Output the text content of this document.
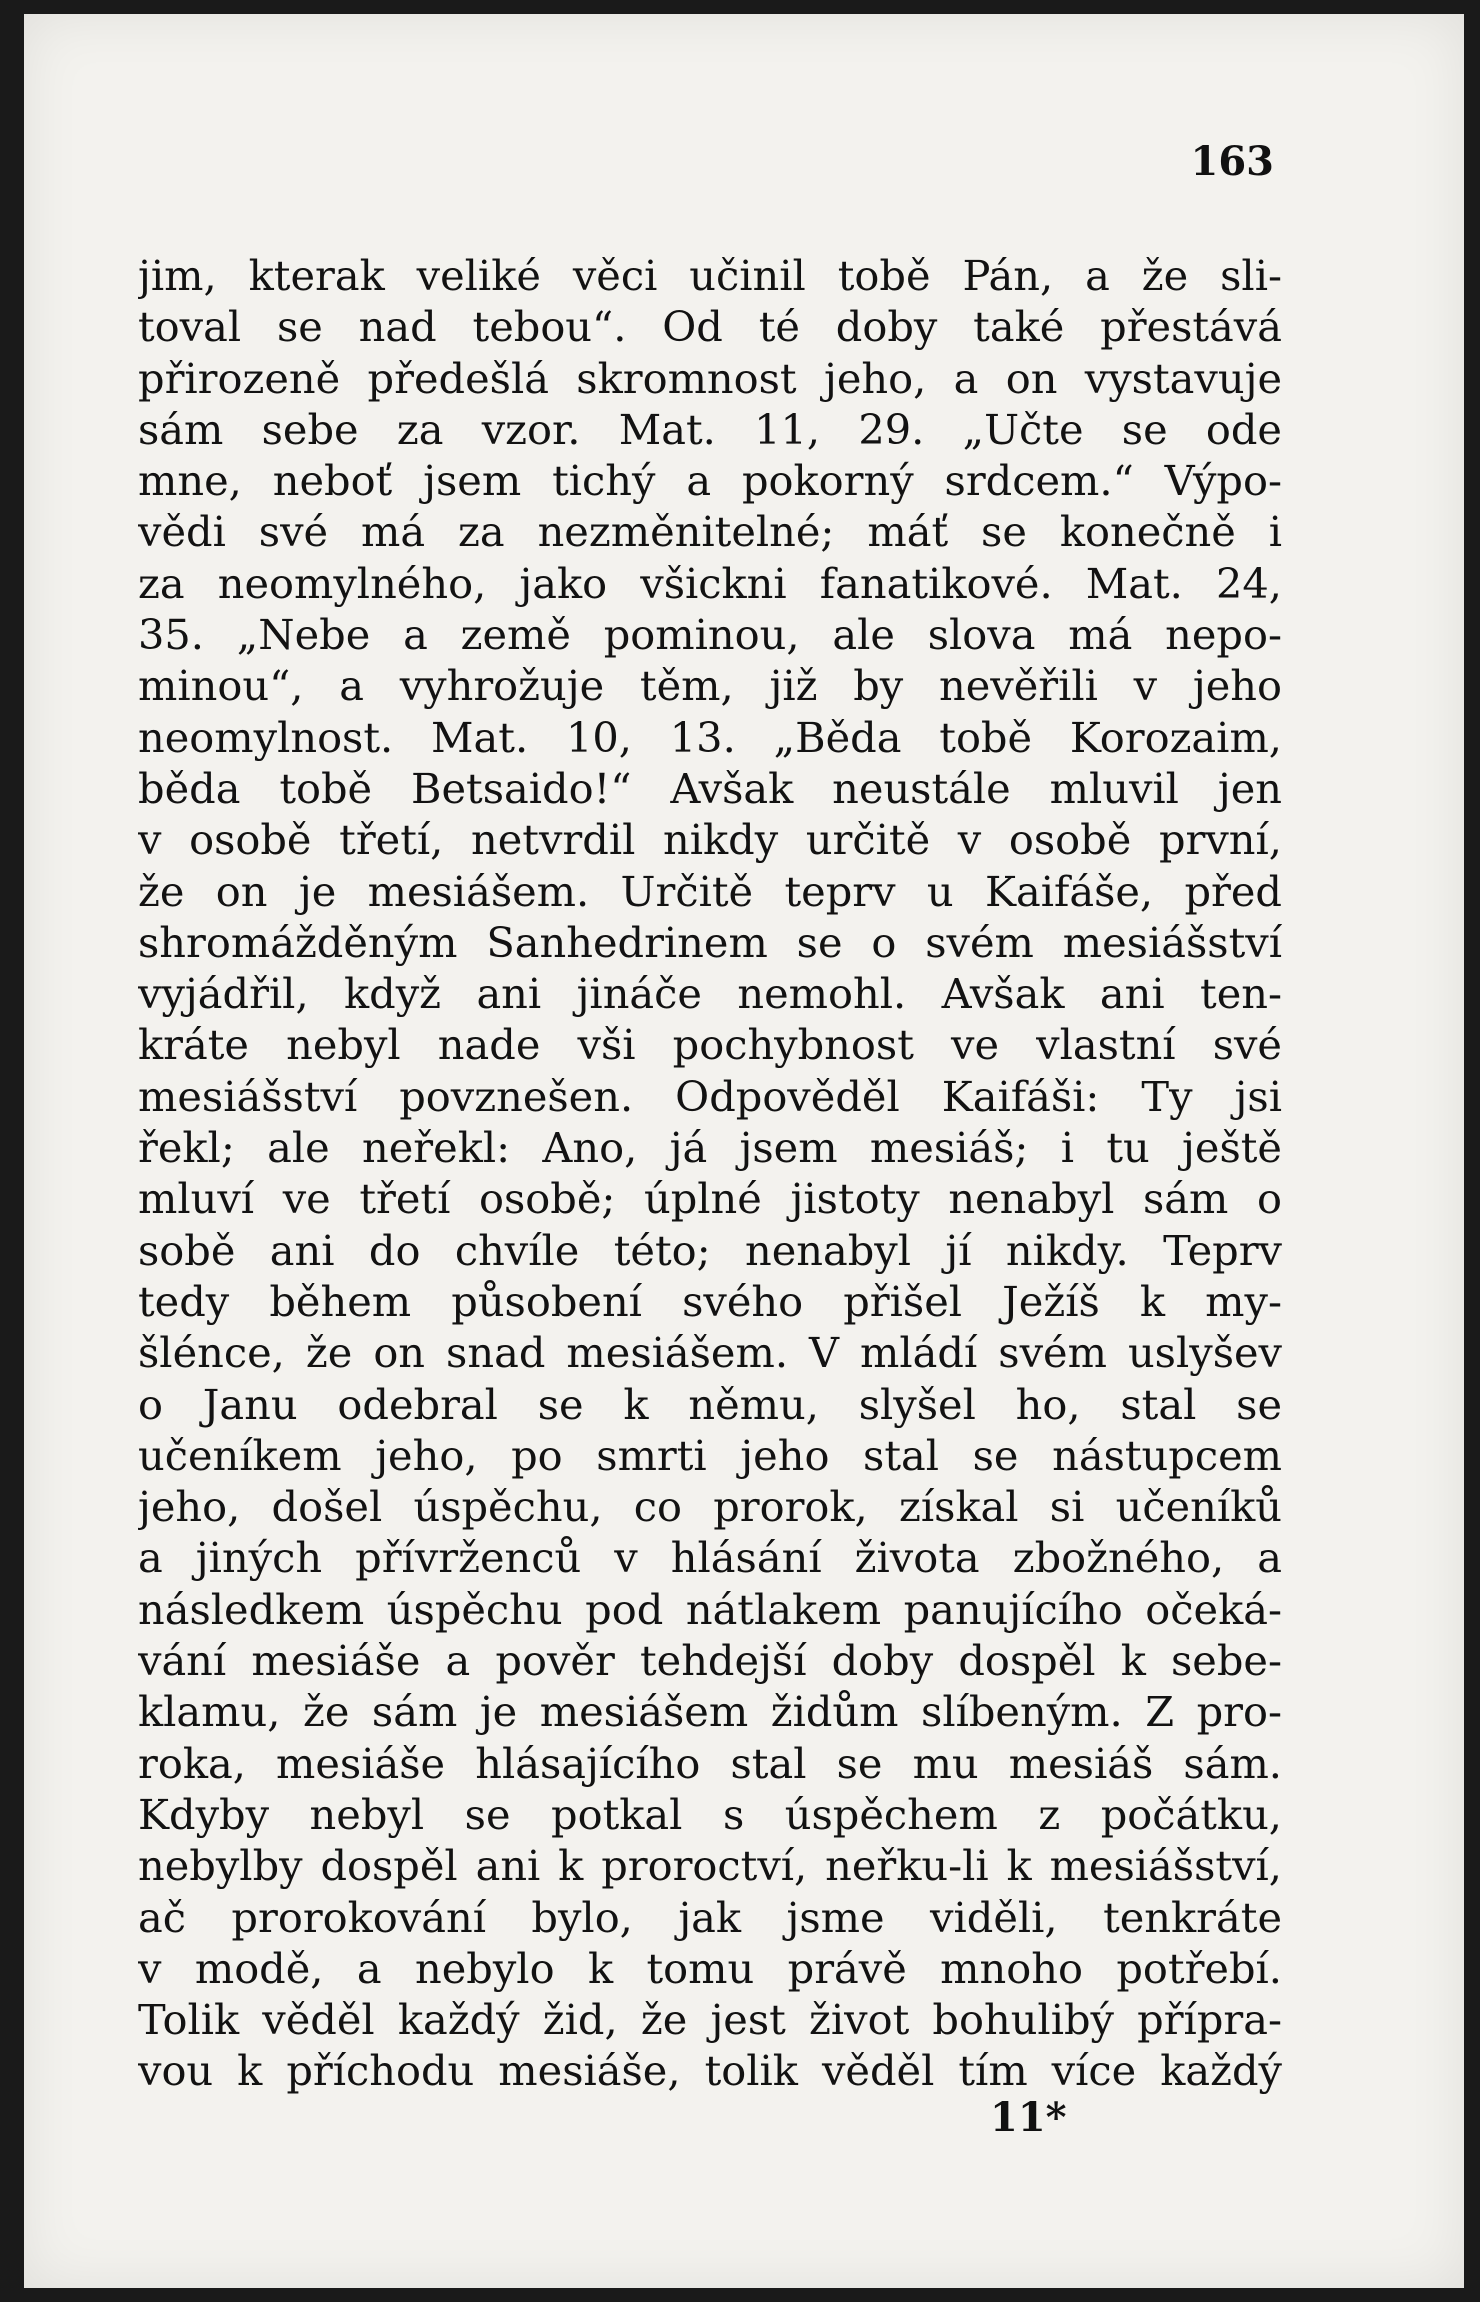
163
jim, kterak veliké věci učinil tobě Pán, a že sli-
toval se nad tebou“. Od té doby také přestává
přirozeně předešlá skromnost jeho, a on vystavuje
sám sebe za vzor. Mat. 11, 29. „Učte se ode
mne, neboť jsem tichý a pokorný srdcem.“ Výpo-
vědi své má za nezměnitelné; máť se konečně i
za neomylného, jako všickni fanatikové. Mat. 24,
35. „Nebe a země pominou, ale slova má nepo-
minou“, a vyhrožuje těm, již by nevěřili v jeho
neomylnost. Mat. 10, 13. „Běda tobě Korozaim,
běda tobě Betsaido!“ Avšak neustále mluvil jen
v osobě třetí, netvrdil nikdy určitě v osobě první,
že on je mesiášem. Určitě teprv u Kaifáše, před
shromážděným Sanhedrinem se o svém mesiášství
vyjádřil, když ani jináče nemohl. Avšak ani ten-
kráte nebyl nade vši pochybnost ve vlastní své
mesiášství povznešen. Odpověděl Kaifáši: Ty jsi
řekl; ale neřekl: Ano, já jsem mesiáš; i tu ještě
mluví ve třetí osobě; úplné jistoty nenabyl sám o
sobě ani do chvíle této; nenabyl jí nikdy. Teprv
tedy během působení svého přišel Ježíš k my-
šlénce, že on snad mesiášem. V mládí svém uslyšev
o Janu odebral se k němu, slyšel ho, stal se
učeníkem jeho, po smrti jeho stal se nástupcem
jeho, došel úspěchu, co prorok, získal si učeníků
a jiných přívrženců v hlásání života zbožného, a
následkem úspěchu pod nátlakem panujícího očeká-
vání mesiáše a pověr tehdejší doby dospěl k sebe-
klamu, že sám je mesiášem židům slíbeným. Z pro-
roka, mesiáše hlásajícího stal se mu mesiáš sám.
Kdyby nebyl se potkal s úspěchem z počátku,
nebylby dospěl ani k proroctví, neřku-li k mesiášství,
ač prorokování bylo, jak jsme viděli, tenkráte
v modě, a nebylo k tomu právě mnoho potřebí.
Tolik věděl každý žid, že jest život bohulibý přípra-
vou k příchodu mesiáše, tolik věděl tím více každý
11*
